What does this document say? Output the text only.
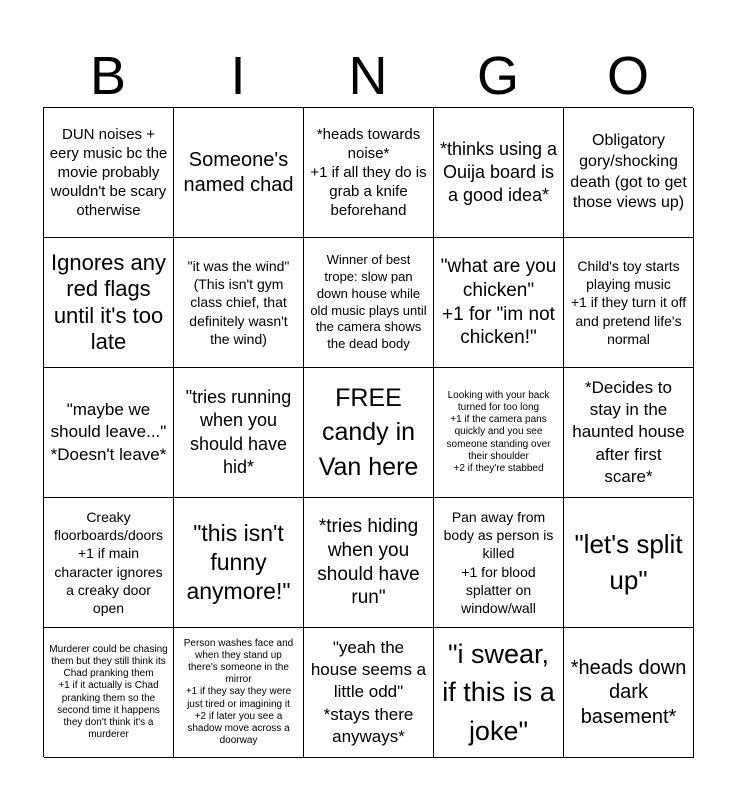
B	I	N	G	O
DUN noises + eery music bc the movie probably wouldn't be scary otherwise
Someone's named chad
*heads towards noise*
+1 if all they do is grab a knife beforehand
*thinks using a Ouija board is a good idea*
Obligatory gory/shocking death (got to get those views up)
Ignores any red flags until it's too late
"it was the wind"
(This isn't gym class chief, that definitely wasn't the wind)
Winner of best trope: slow pan down house while old music plays until the camera shows the dead body
"what are you chicken"
+1 for "im not chicken!"
Child's toy starts playing music
+1 if they turn it off and pretend life's normal
"maybe we should leave..."
*Doesn't leave*
"tries running when you should have hid*
FREE candy in Van here
Looking with your back turned for too long
+1 if the camera pans quickly and you see someone standing over their shoulder
+2 if they're stabbed
*Decides to stay in the haunted house after first scare*
Creaky floorboards/doors
+1 if main character ignores a creaky door open
"this isn't funny anymore!"
*tries hiding when you should have run"
Pan away from body as person is killed
+1 for blood splatter on window/wall
"let's split up"
Murderer could be chasing them but they still think its Chad pranking them
+1 if it actually is Chad pranking them so the second time it happens they don't think it's a murderer
Person washes face and when they stand up there's someone in the mirror
+1 if they say they were just tired or imagining it
+2 if later you see a shadow move across a doorway
"yeah the house seems a little odd"
*stays there anyways*
"i swear, if this is a joke"
*heads down dark basement*
